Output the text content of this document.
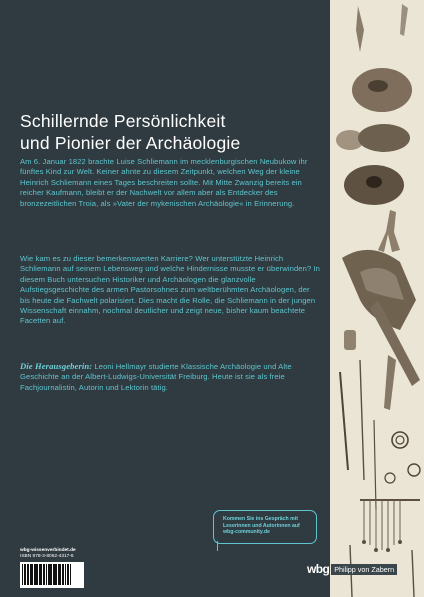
Schillernde Persönlichkeit
und Pionier der Archäologie

Am 6. Januar 1822 brachte Luise Schliemann im mecklenburgischen Neubukow ihr fünftes Kind zur Welt. Keiner ahnte zu diesem Zeitpunkt, welchen Weg der kleine Heinrich Schliemann eines Tages beschreiten sollte. Mit Mitte Zwanzig bereits ein reicher Kaufmann, bleibt er der Nachwelt vor allem aber als Entdecker des bronzezeitlichen Troia, als »Vater der mykenischen Archäologie« in Erinnerung.

Wie kam es zu dieser bemerkenswerten Karriere? Wer unterstützte Heinrich Schliemann auf seinem Lebensweg und welche Hindernisse musste er überwinden? In diesem Buch untersuchen Historiker und Archäologen die glanzvolle Aufstiegsgeschichte des armen Pastorsohnes zum weltberühmten Archäologen, der bis heute die Fachwelt polarisiert. Dies macht die Rolle, die Schliemann in der jungen Wissenschaft einnahm, nochmal deutlicher und zeigt neue, bisher kaum beachtete Facetten auf.

Die Herausgeberin: Leoni Hellmayr studierte Klassische Archäologie und Alte Geschichte an der Albert-Ludwigs-Universität Freiburg. Heute ist sie als freie Fachjournalistin, Autorin und Lektorin tätig.

wbg-wissenverbindet.de

ISBN 978-3-8062-4317-6

Kommen Sie ins Gespräch mit Leserinnen und Autorinnen auf wbg-community.de

wbg Philipp von Zabern
